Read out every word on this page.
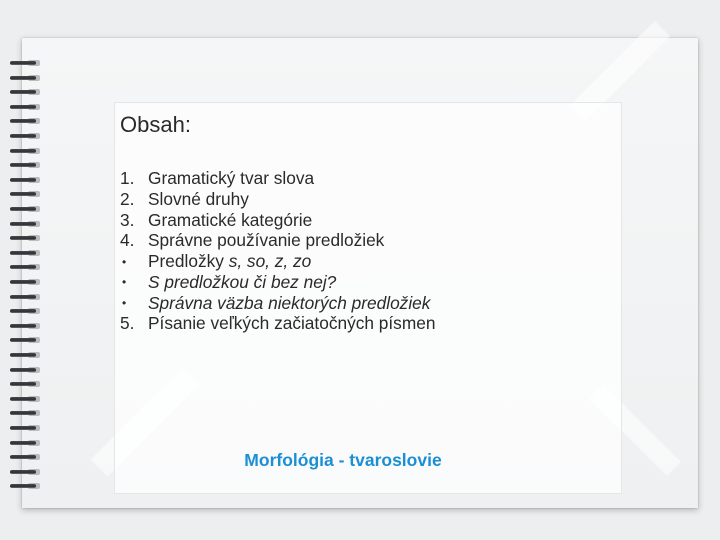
Obsah:
1. Gramatický tvar slova
2. Slovné druhy
3. Gramatické kategórie
4. Správne používanie predložiek
•	Predložky s, so, z, zo
•	S predložkou či bez nej?
•	Správna väzba niektorých predložiek
5. Písanie veľkých začiatočných písmen
Morfológia - tvaroslovie
